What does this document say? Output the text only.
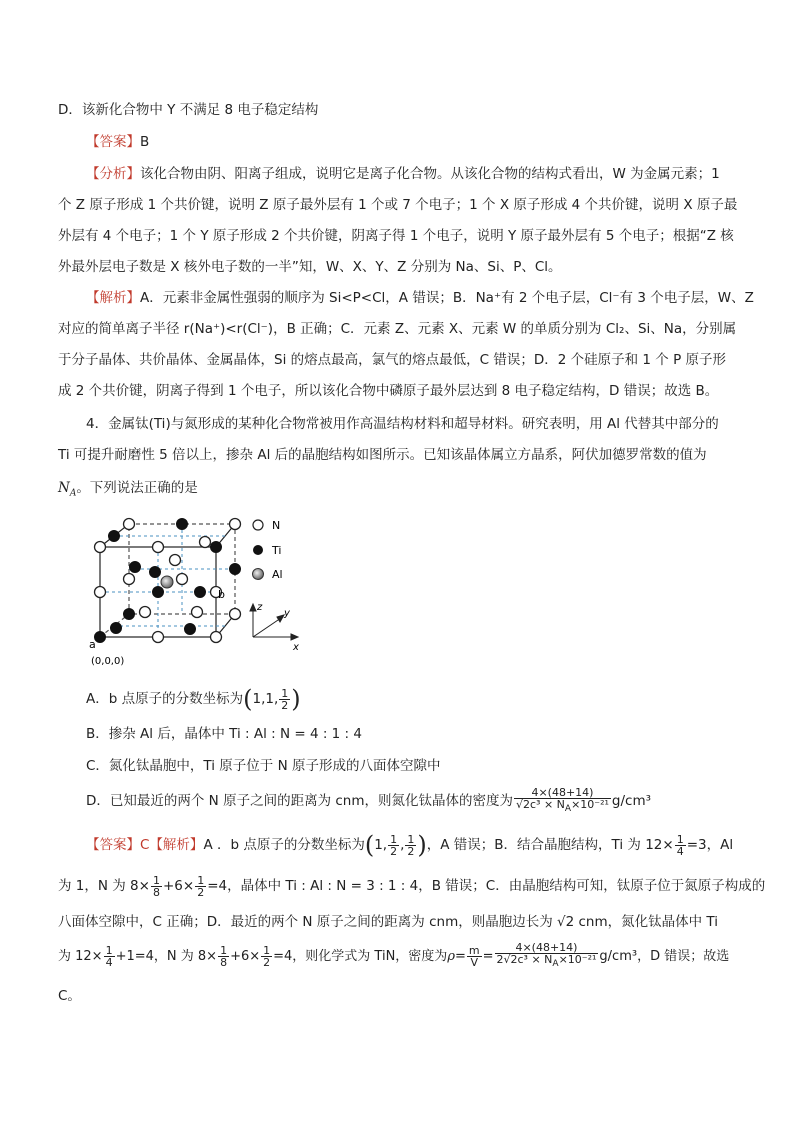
D．该新化合物中 Y 不满足 8 电子稳定结构
【答案】B
【分析】该化合物由阴、阳离子组成，说明它是离子化合物。从该化合物的结构式看出，W 为金属元素；1
个 Z 原子形成 1 个共价键，说明 Z 原子最外层有 1 个或 7 个电子；1 个 X 原子形成 4 个共价键，说明 X 原子最
外层有 4 个电子；1 个 Y 原子形成 2 个共价键，阴离子得 1 个电子，说明 Y 原子最外层有 5 个电子；根据“Z 核
外最外层电子数是 X 核外电子数的一半”知，W、X、Y、Z 分别为 Na、Si、P、Cl。
【解析】A．元素非金属性强弱的顺序为 Si<P<Cl，A 错误；B．Na⁺有 2 个电子层，Cl⁻有 3 个电子层，W、Z
对应的简单离子半径 r(Na⁺)<r(Cl⁻)，B 正确；C．元素 Z、元素 X、元素 W 的单质分别为 Cl₂、Si、Na，分别属
于分子晶体、共价晶体、金属晶体，Si 的熔点最高，氯气的熔点最低，C 错误；D．2 个硅原子和 1 个 P 原子形
成 2 个共价键，阴离子得到 1 个电子，所以该化合物中磷原子最外层达到 8 电子稳定结构，D 错误；故选 B。
4．金属钛(Ti)与氮形成的某种化合物常被用作高温结构材料和超导材料。研究表明，用 Al 代替其中部分的
Ti 可提升耐磨性 5 倍以上，掺杂 Al 后的晶胞结构如图所示。已知该晶体属立方晶系，阿伏加德罗常数的值为
$N_A$。下列说法正确的是
a
b
(0,0,0)
z
y
x
N
Ti
Al
A．b 点原子的分数坐标为(1,1, $\frac{1}{2}$ )
B．掺杂 Al 后，晶体中 Ti : Al : N = 4 : 1 : 4
C．氮化钛晶胞中，Ti 原子位于 N 原子形成的八面体空隙中
D．已知最近的两个 N 原子之间的距离为 cnm，则氮化钛晶体的密度为 $\frac{4\times(48+14)}{√2c^3 \times N_A\times 10^{-21}} g/cm^3$
【答案】C【解析】A ．b 点原子的分数坐标为(1, $\frac{1}{2}$ , $\frac{1}{2}$ )，A 错误；B．结合晶胞结构，Ti 为 $12\times \frac{1}{4} =3$，Al
为 1，N 为 $8\times \frac{1}{8} +6\times \frac{1}{2} =4$，晶体中 Ti : Al : N = 3 : 1 : 4，B 错误；C．由晶胞结构可知，钛原子位于氮原子构成的
八面体空隙中，C 正确；D．最近的两个 N 原子之间的距离为 cnm，则晶胞边长为 √2 cnm，氮化钛晶体中 Ti
为 $12\times \frac{1}{4} +1=4$，N 为 $8\times \frac{1}{8} +6\times \frac{1}{2} =4$，则化学式为 TiN，密度为$\rho= \frac{m}{V} = \frac{4\times(48+14)}{2√2c^3 \times N_A\times 10^{-21}} g/cm^3$，D 错误；故选
C。
